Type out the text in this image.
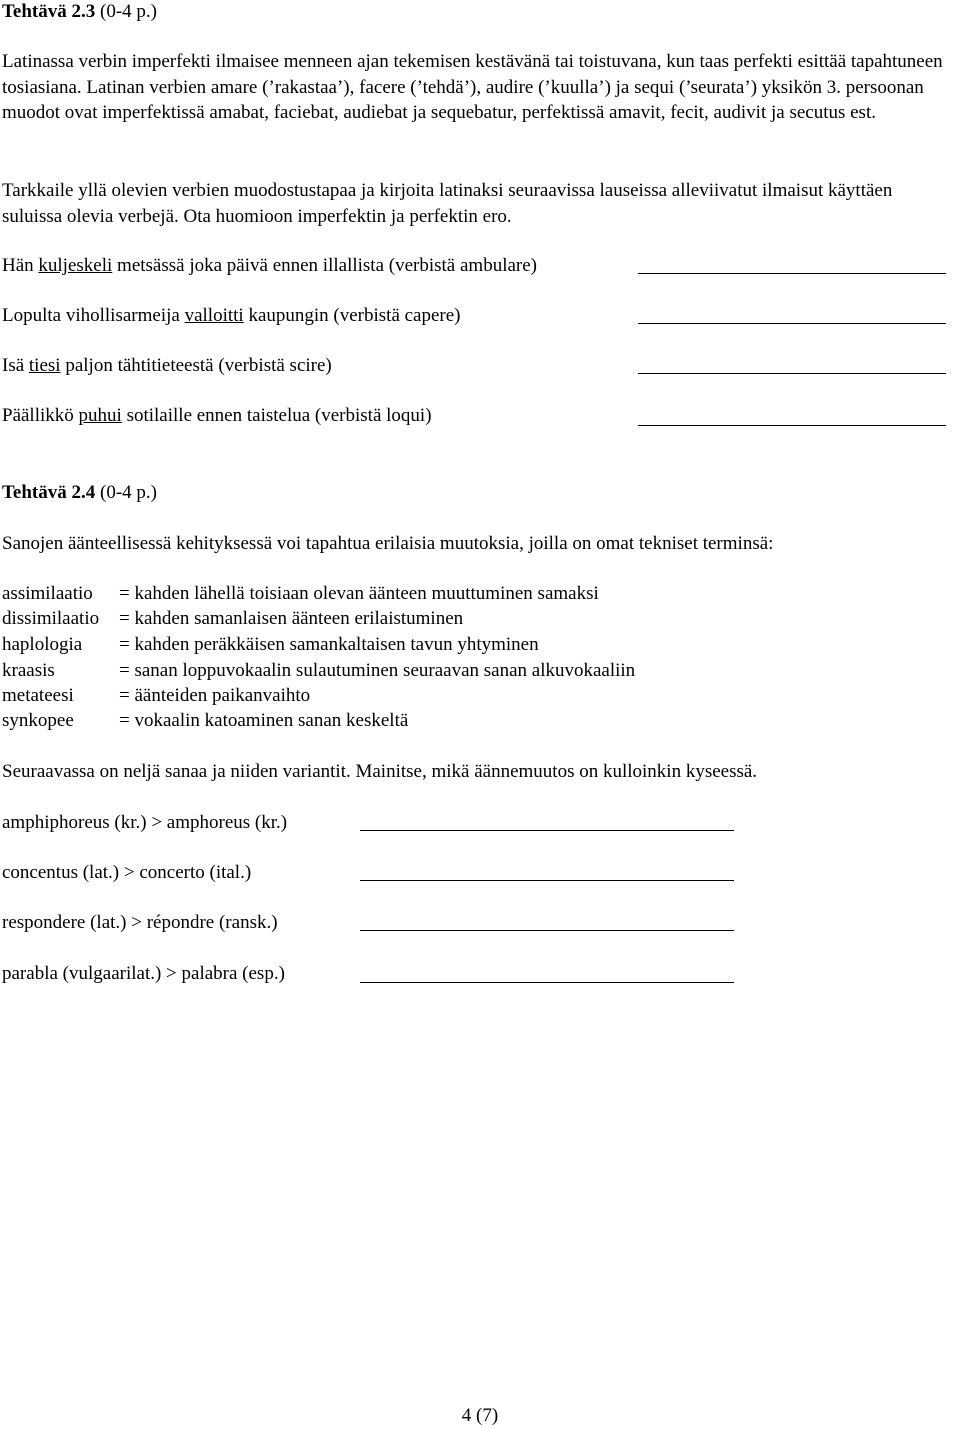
Tehtävä 2.3 (0-4 p.)

Latinassa verbin imperfekti ilmaisee menneen ajan tekemisen kestävänä tai toistuvana, kun taas perfekti esittää tapahtuneen tosiasiana. Latinan verbien amare (’rakastaa’), facere (’tehdä’), audire (’kuulla’) ja sequi (’seurata’) yksikön 3. persoonan muodot ovat imperfektissä amabat, faciebat, audiebat ja sequebatur, perfektissä amavit, fecit, audivit ja secutus est.

Tarkkaile yllä olevien verbien muodostustapaa ja kirjoita latinaksi seuraavissa lauseissa alleviivatut ilmaisut käyttäen suluissa olevia verbejä. Ota huomioon imperfektin ja perfektin ero.

Hän kuljeskeli metsässä joka päivä ennen illallista (verbistä ambulare)
Lopulta vihollisarmeija valloitti kaupungin (verbistä capere)
Isä tiesi paljon tähtitieteestä (verbistä scire)
Päällikkö puhui sotilaille ennen taistelua (verbistä loqui)
Tehtävä 2.4 (0-4 p.)
Sanojen äänteellisessä kehityksessä voi tapahtua erilaisia muutoksia, joilla on omat tekniset terminsä:
assimilaatio = kahden lähellä toisiaan olevan äänteen muuttuminen samaksi
dissimilaatio = kahden samanlaisen äänteen erilaistuminen
haplologia = kahden peräkkäisen samankaltaisen tavun yhtyminen
kraasis	= sanan loppuvokaalin sulautuminen seuraavan sanan alkuvokaaliin
metateesi = äänteiden paikanvaihto
synkopee = vokaalin katoaminen sanan keskeltä
Seuraavassa on neljä sanaa ja niiden variantit. Mainitse, mikä äännemuutos on kulloinkin kyseessä.
amphiphoreus (kr.) > amphoreus (kr.)
concentus (lat.) > concerto (ital.)
respondere (lat.) > répondre (ransk.)
parabla (vulgaarilat.) > palabra (esp.)
4 (7)
